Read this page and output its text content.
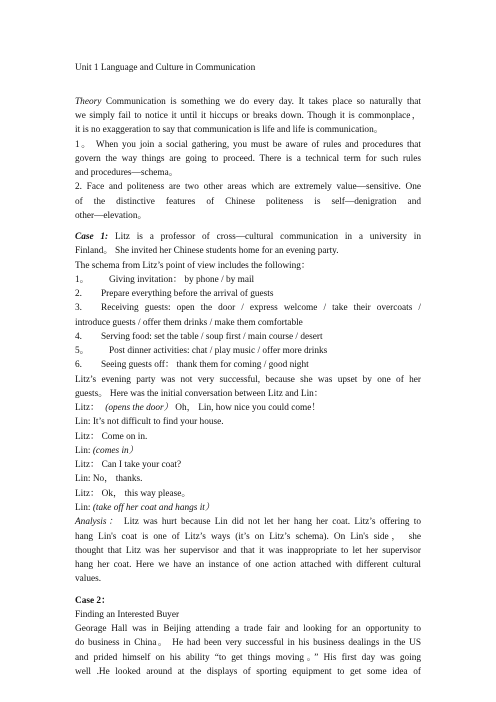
Unit 1 Language and Culture in Communication
Theory Communication is something we do every day. It takes place so naturally that
we simply fail to notice it until it hiccups or breaks down. Though it is commonplace，
it is no exaggeration to say that communication is life and life is communication。
1。 When you join a social gathering, you must be aware of rules and procedures that
govern the way things are going to proceed. There is a technical term for such rules
and procedures—schema。
2. Face and politeness are two other areas which are extremely value—sensitive. One
of the distinctive features of Chinese politeness is self—denigration and
other—elevation。
Case 1: Litz is a professor of cross—cultural communication in a university in
Finland。 She invited her Chinese students home for an evening party.
The schema from Litz’s point of view includes the following：
1。 Giving invitation： by phone / by mail
2. Prepare everything before the arrival of guests
3. Receiving guests: open the door / express welcome / take their overcoats /
introduce guests / offer them drinks / make them comfortable
4. Serving food: set the table / soup first / main course / desert
5。 Post dinner activities: chat / play music / offer more drinks
6. Seeing guests off： thank them for coming / good night
Litz’s evening party was not very successful, because she was upset by one of her
guests。 Here was the initial conversation between Litz and Lin：
Litz： (opens the door） Oh， Lin, how nice you could come！
Lin: It’s not difficult to find your house.
Litz： Come on in.
Lin: (comes in）
Litz： Can I take your coat?
Lin: No， thanks.
Litz： Ok， this way please。
Lin: (take off her coat and hangs it）
Analysis： Litz was hurt because Lin did not let her hang her coat. Litz’s offering to
hang Lin's coat is one of Litz’s ways (it’s on Litz’s schema). On Lin's side， she
thought that Litz was her supervisor and that it was inappropriate to let her supervisor
hang her coat. Here we have an instance of one action attached with different cultural
values.
Case 2：
Finding an Interested Buyer
Georage Hall was in Beijing attending a trade fair and looking for an opportunity to
do business in China。 He had been very successful in his business dealings in the US
and prided himself on his ability “to get things moving。” His first day was going
well .He looked around at the displays of sporting equipment to get some idea of
